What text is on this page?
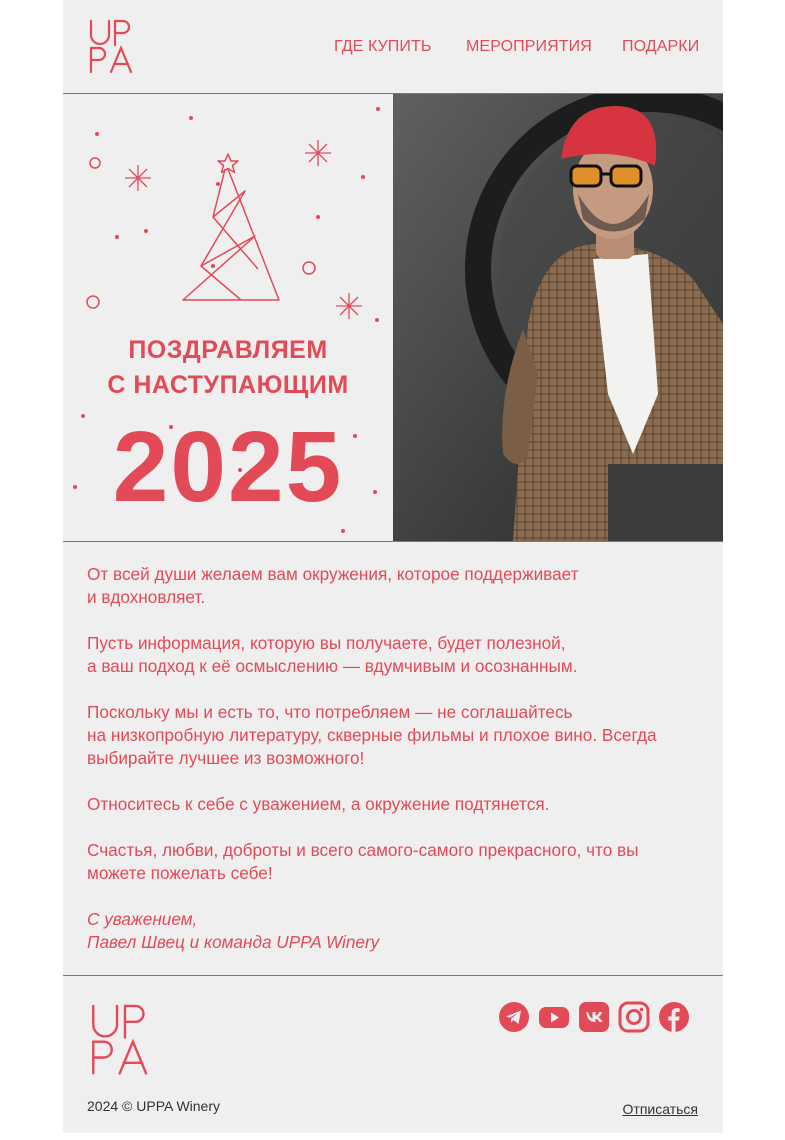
ГДЕ КУПИТЬ МЕРОПРИЯТИЯ ПОДАРКИ
ПОЗДРАВЛЯЕМ
С НАСТУПАЮЩИМ
2025

От всей души желаем вам окружения, которое поддерживает
и вдохновляет.

Пусть информация, которую вы получаете, будет полезной,
а ваш подход к её осмыслению — вдумчивым и осознанным.

Поскольку мы и есть то, что потребляем — не соглашайтесь
на низкопробную литературу, скверные фильмы и плохое вино. Всегда выбирайте лучшее из возможного!

Относитесь к себе с уважением, а окружение подтянется.

Счастья, любви, доброты и всего самого-самого прекрасного, что вы можете пожелать себе!

С уважением,
Павел Швец и команда UPPA Winery

2024 © UPPA Winery	Отписаться
